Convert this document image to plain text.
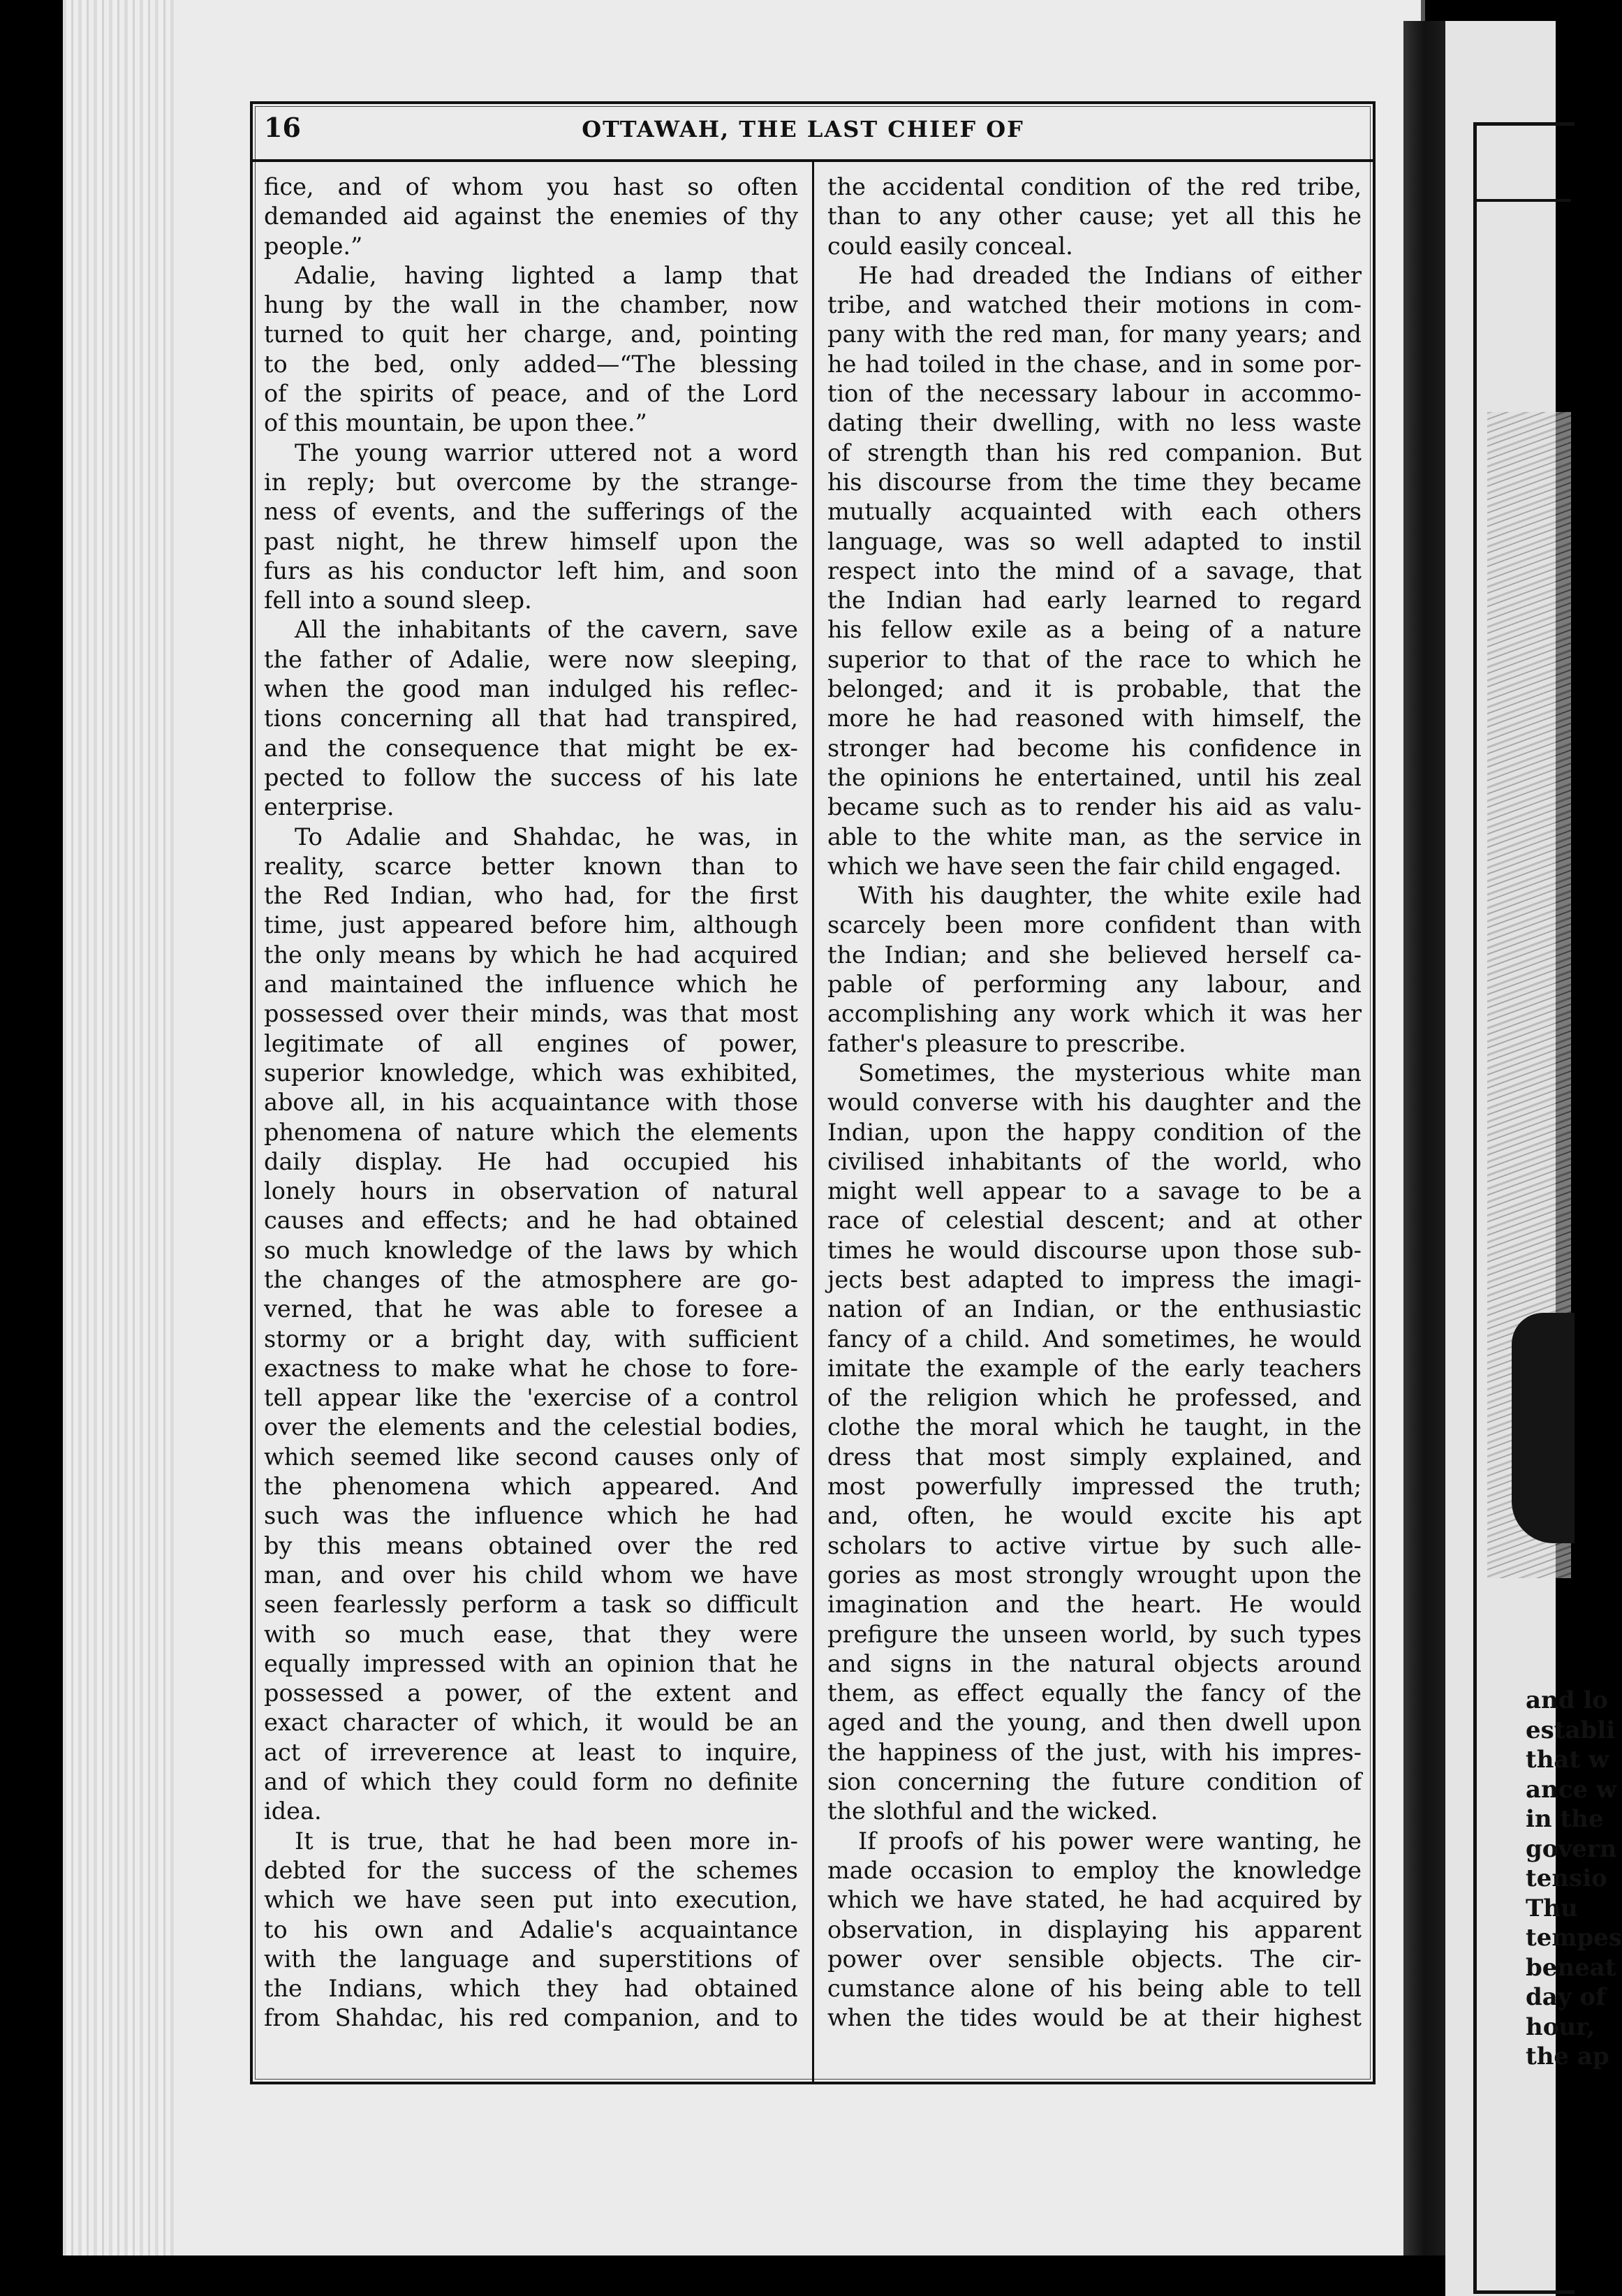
and lo
establi
that w
ance w
in the
govern
tensio
Thu
tempes
beneat
day of
hour,
the ap
16	OTTAWAH, THE LAST CHIEF OF
fice, and of whom you hast so often
demanded aid against the enemies of thy
people.”
Adalie, having lighted a lamp that
hung by the wall in the chamber, now
turned to quit her charge, and, pointing
to the bed, only added—“The blessing
of the spirits of peace, and of the Lord
of this mountain, be upon thee.”
The young warrior uttered not a word
in reply; but overcome by the strange-
ness of events, and the sufferings of the
past night, he threw himself upon the
furs as his conductor left him, and soon
fell into a sound sleep.
All the inhabitants of the cavern, save
the father of Adalie, were now sleeping,
when the good man indulged his reflec-
tions concerning all that had transpired,
and the consequence that might be ex-
pected to follow the success of his late
enterprise.
To Adalie and Shahdac, he was, in
reality, scarce better known than to
the Red Indian, who had, for the first
time, just appeared before him, although
the only means by which he had acquired
and maintained the influence which he
possessed over their minds, was that most
legitimate of all engines of power,
superior knowledge, which was exhibited,
above all, in his acquaintance with those
phenomena of nature which the elements
daily display. He had occupied his
lonely hours in observation of natural
causes and effects; and he had obtained
so much knowledge of the laws by which
the changes of the atmosphere are go-
verned, that he was able to foresee a
stormy or a bright day, with sufficient
exactness to make what he chose to fore-
tell appear like the 'exercise of a control
over the elements and the celestial bodies,
which seemed like second causes only of
the phenomena which appeared. And
such was the influence which he had
by this means obtained over the red
man, and over his child whom we have
seen fearlessly perform a task so difficult
with so much ease, that they were
equally impressed with an opinion that he
possessed a power, of the extent and
exact character of which, it would be an
act of irreverence at least to inquire,
and of which they could form no definite
idea.
It is true, that he had been more in-
debted for the success of the schemes
which we have seen put into execution,
to his own and Adalie's acquaintance
with the language and superstitions of
the Indians, which they had obtained
from Shahdac, his red companion, and to
the accidental condition of the red tribe,
than to any other cause; yet all this he
could easily conceal.
He had dreaded the Indians of either
tribe, and watched their motions in com-
pany with the red man, for many years; and
he had toiled in the chase, and in some por-
tion of the necessary labour in accommo-
dating their dwelling, with no less waste
of strength than his red companion. But
his discourse from the time they became
mutually acquainted with each others
language, was so well adapted to instil
respect into the mind of a savage, that
the Indian had early learned to regard
his fellow exile as a being of a nature
superior to that of the race to which he
belonged; and it is probable, that the
more he had reasoned with himself, the
stronger had become his confidence in
the opinions he entertained, until his zeal
became such as to render his aid as valu-
able to the white man, as the service in
which we have seen the fair child engaged.
With his daughter, the white exile had
scarcely been more confident than with
the Indian; and she believed herself ca-
pable of performing any labour, and
accomplishing any work which it was her
father's pleasure to prescribe.
Sometimes, the mysterious white man
would converse with his daughter and the
Indian, upon the happy condition of the
civilised inhabitants of the world, who
might well appear to a savage to be a
race of celestial descent; and at other
times he would discourse upon those sub-
jects best adapted to impress the imagi-
nation of an Indian, or the enthusiastic
fancy of a child. And sometimes, he would
imitate the example of the early teachers
of the religion which he professed, and
clothe the moral which he taught, in the
dress that most simply explained, and
most powerfully impressed the truth;
and, often, he would excite his apt
scholars to active virtue by such alle-
gories as most strongly wrought upon the
imagination and the heart. He would
prefigure the unseen world, by such types
and signs in the natural objects around
them, as effect equally the fancy of the
aged and the young, and then dwell upon
the happiness of the just, with his impres-
sion concerning the future condition of
the slothful and the wicked.
If proofs of his power were wanting, he
made occasion to employ the knowledge
which we have stated, he had acquired by
observation, in displaying his apparent
power over sensible objects. The cir-
cumstance alone of his being able to tell
when the tides would be at their highest
